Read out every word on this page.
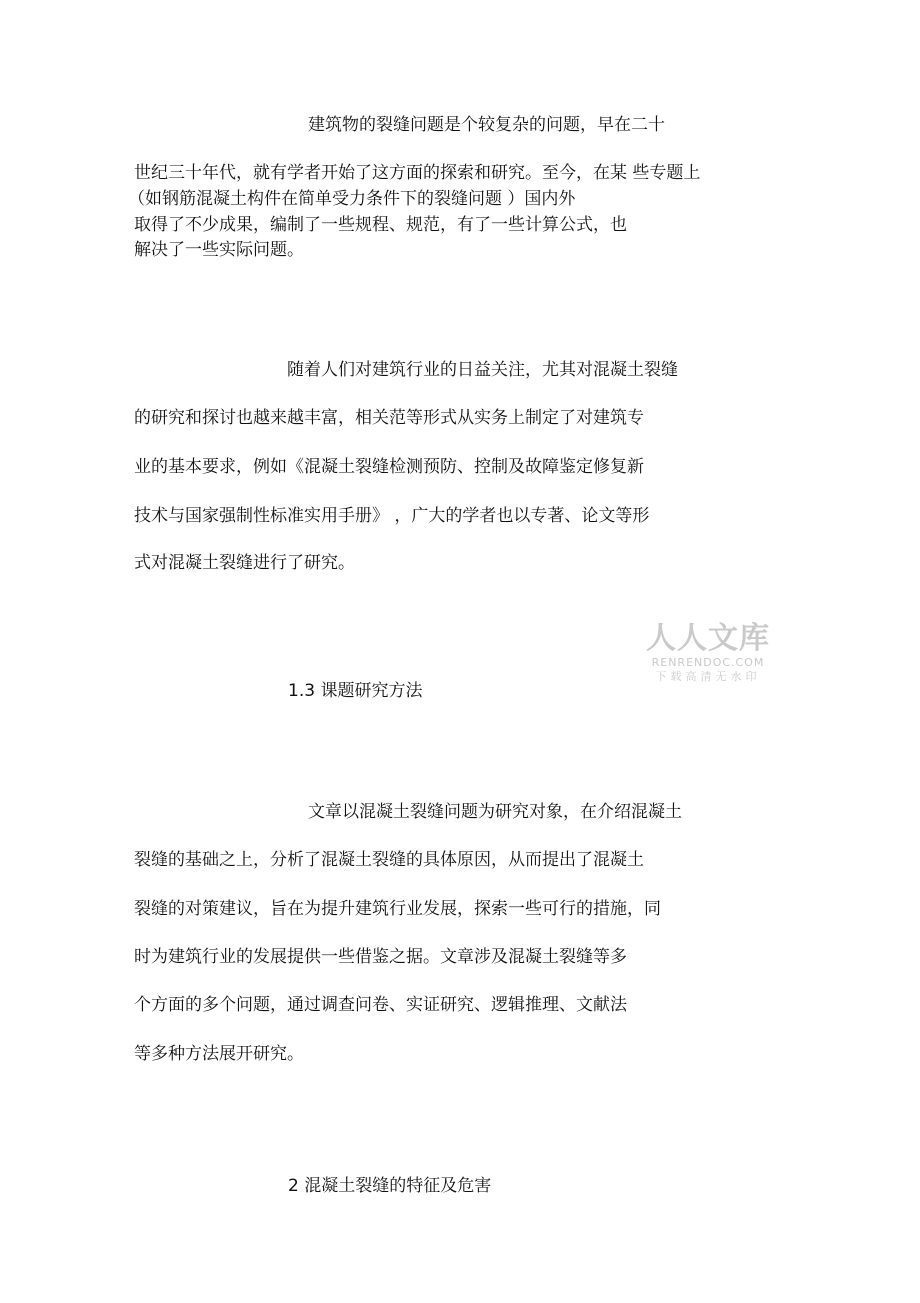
建筑物的裂缝问题是个较复杂的问题，早在二十

世纪三十年代，就有学者开始了这方面的探索和研究。至今，在某 些专题上

（如钢筋混凝土构件在简单受力条件下的裂缝问题 ）国内外

取得了不少成果，编制了一些规程、规范，有了一些计算公式，也

解决了一些实际问题。

随着人们对建筑行业的日益关注，尤其对混凝土裂缝

的研究和探讨也越来越丰富，相关范等形式从实务上制定了对建筑专

业的基本要求，例如《混凝土裂缝检测预防、控制及故障鉴定修复新

技术与国家强制性标准实用手册》 ，广大的学者也以专著、论文等形

式对混凝土裂缝进行了研究。

人人文库
RENRENDOC.COM
下载高清无水印

1.3 课题研究方法

文章以混凝土裂缝问题为研究对象，在介绍混凝土

裂缝的基础之上，分析了混凝土裂缝的具体原因，从而提出了混凝土

裂缝的对策建议，旨在为提升建筑行业发展，探索一些可行的措施，同

时为建筑行业的发展提供一些借鉴之据。文章涉及混凝土裂缝等多

个方面的多个问题，通过调查问卷、实证研究、逻辑推理、文献法

等多种方法展开研究。

2 混凝土裂缝的特征及危害
